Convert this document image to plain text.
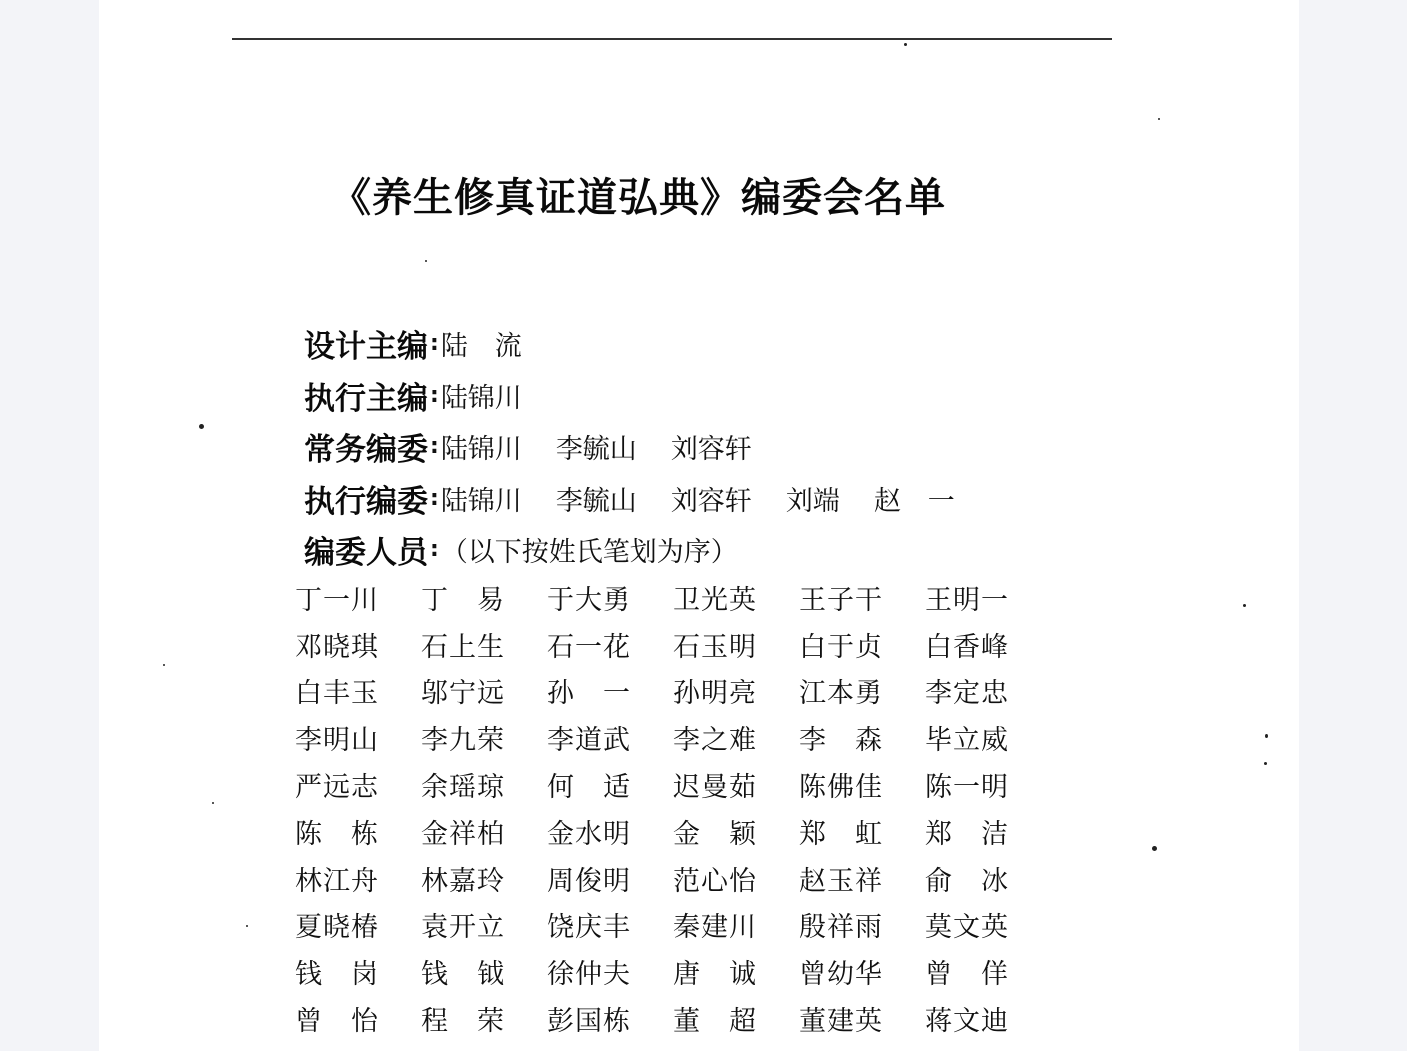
《养生修真证道弘典》编委会名单
设计主编 : 陆　流
执行主编 : 陆锦川
常务编委 : 陆锦川 李毓山 刘容轩
执行编委 : 陆锦川 李毓山 刘容轩 刘端 赵　一
编委人员 : （以下按姓氏笔划为序）
丁一川	丁　易	于大勇	卫光英	王子干	王明一
邓晓琪	石上生	石一花	石玉明	白于贞	白香峰
白丰玉	邬宁远	孙　一	孙明亮	江本勇	李定忠
李明山	李九荣	李道武	李之难	李　森	毕立威
严远志	余瑶琼	何　适	迟曼茹	陈佛佳	陈一明
陈　栋	金祥柏	金水明	金　颖	郑　虹	郑　洁
林江舟	林嘉玲	周俊明	范心怡	赵玉祥	俞　冰
夏晓椿	袁开立	饶庆丰	秦建川	殷祥雨	莫文英
钱　岗	钱　钺	徐仲夫	唐　诚	曾幼华	曾　佯
曾　怡	程　荣	彭国栋	董　超	董建英	蒋文迪
